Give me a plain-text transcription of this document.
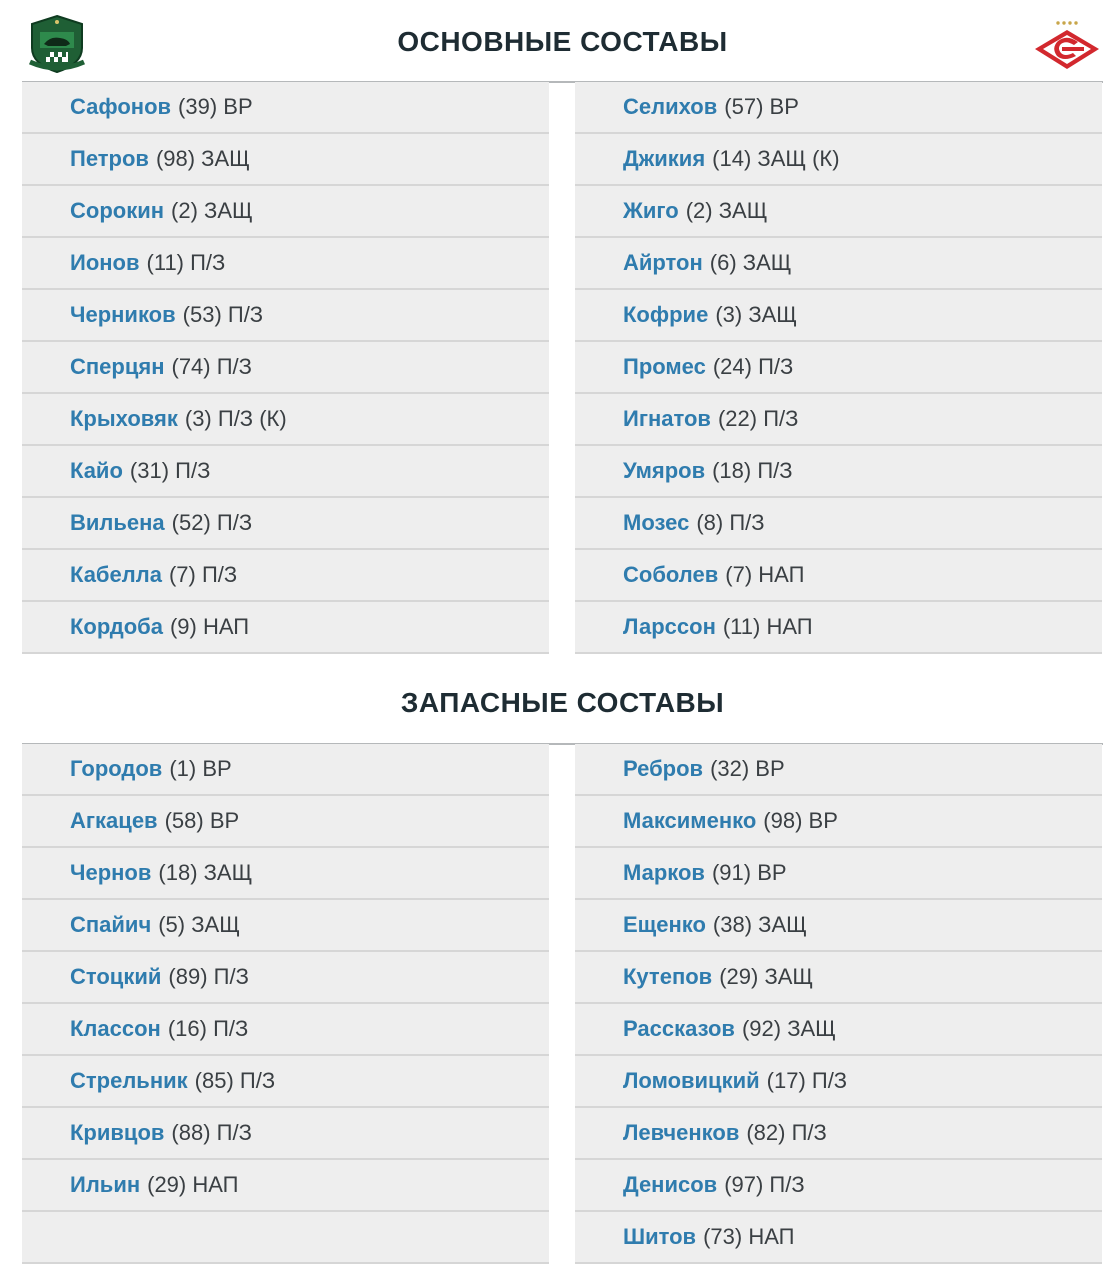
ОСНОВНЫЕ СОСТАВЫ
Сафонов (39) ВР
Петров (98) ЗАЩ
Сорокин (2) ЗАЩ
Ионов (11) П/З
Черников (53) П/З
Сперцян (74) П/З
Крыховяк (3) П/З (К)
Кайо (31) П/З
Вильена (52) П/З
Кабелла (7) П/З
Кордоба (9) НАП
Селихов (57) ВР
Джикия (14) ЗАЩ (К)
Жиго (2) ЗАЩ
Айртон (6) ЗАЩ
Кофрие (3) ЗАЩ
Промес (24) П/З
Игнатов (22) П/З
Умяров (18) П/З
Мозес (8) П/З
Соболев (7) НАП
Ларссон (11) НАП
ЗАПАСНЫЕ СОСТАВЫ
Городов (1) ВР
Агкацев (58) ВР
Чернов (18) ЗАЩ
Спайич (5) ЗАЩ
Стоцкий (89) П/З
Классон (16) П/З
Стрельник (85) П/З
Кривцов (88) П/З
Ильин (29) НАП
Ребров (32) ВР
Максименко (98) ВР
Марков (91) ВР
Ещенко (38) ЗАЩ
Кутепов (29) ЗАЩ
Рассказов (92) ЗАЩ
Ломовицкий (17) П/З
Левченков (82) П/З
Денисов (97) П/З
Шитов (73) НАП
